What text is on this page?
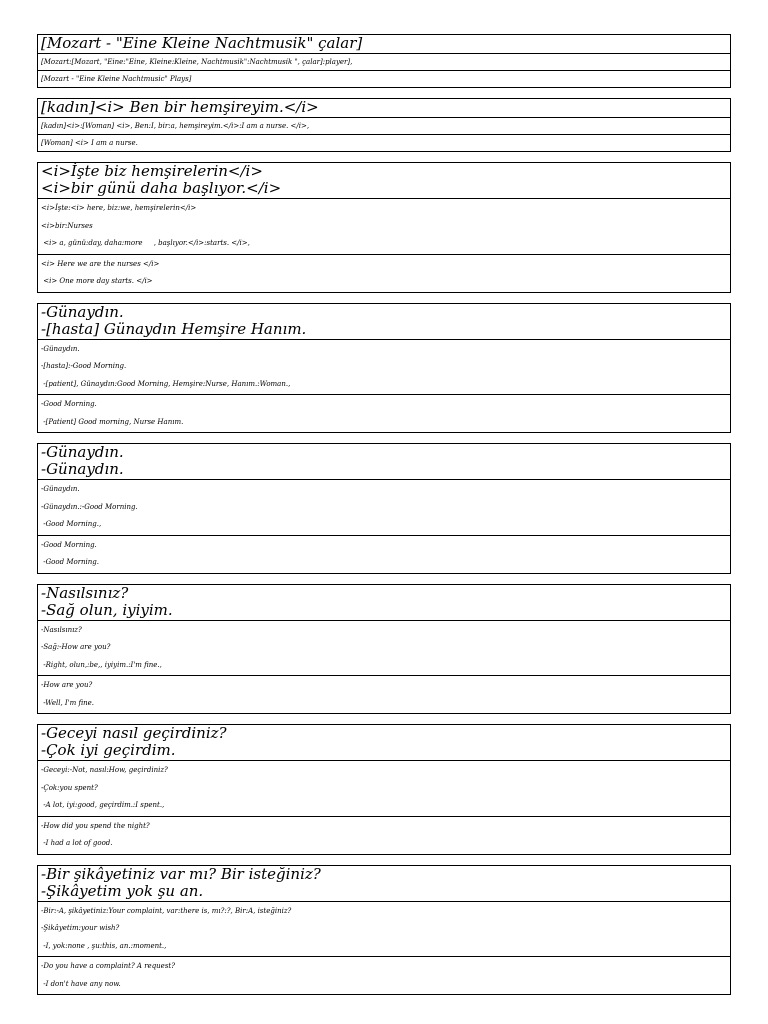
[Mozart - "Eine Kleine Nachtmusik" çalar]
[Mozart:[Mozart, "Eine:"Eine, Kleine:Kleine, Nachtmusik":Nachtmusik ", çalar]:player],
[Mozart - "Eine Kleine Nachtmusic" Plays]
[kadın]<i> Ben bir hemşireyim.</i>
[kadın]<i>:[Woman] <i>, Ben:I, bir:a, hemşireyim.</i>:I am a nurse. </i>,
[Woman] <i> I am a nurse.
<i>İşte biz hemşirelerin</i>
<i>bir günü daha başlıyor.</i>
<i>İşte:<i> here, biz:we, hemşirelerin</i>
<i>bir:Nurses
<i> a, günü:day, daha:more     , başlıyor.</i>:starts. </i>,
<i> Here we are the nurses </i>
<i> One more day starts. </i>
-Günaydın.
-[hasta] Günaydın Hemşire Hanım.
-Günaydın.
-[hasta]:-Good Morning.
-[patient], Günaydın:Good Morning, Hemşire:Nurse, Hanım.:Woman.,
-Good Morning.
-[Patient] Good morning, Nurse Hanım.
-Günaydın.
-Günaydın.
-Günaydın.
-Günaydın.:-Good Morning.
-Good Morning.,
-Good Morning.
-Good Morning.
-Nasılsınız?
-Sağ olun, iyiyim.
-Nasılsınız?
-Sağ:-How are you?
-Right, olun,:be,, iyiyim.:I'm fine.,
-How are you?
-Well, I'm fine.
-Geceyi nasıl geçirdiniz?
-Çok iyi geçirdim.
-Geceyi:-Not, nasıl:How, geçirdiniz?
-Çok:you spent?
-A lot, iyi:good, geçirdim.:I spent.,
-How did you spend the night?
-I had a lot of good.
-Bir şikâyetiniz var mı? Bir isteğiniz?
-Şikâyetim yok şu an.
-Bir:-A, şikâyetiniz:Your complaint, var:there is, mı?:?, Bir:A, isteğiniz?
-Şikâyetim:your wish?
-I, yok:none , şu:this, an.:moment.,
-Do you have a complaint? A request?
-I don't have any now.
